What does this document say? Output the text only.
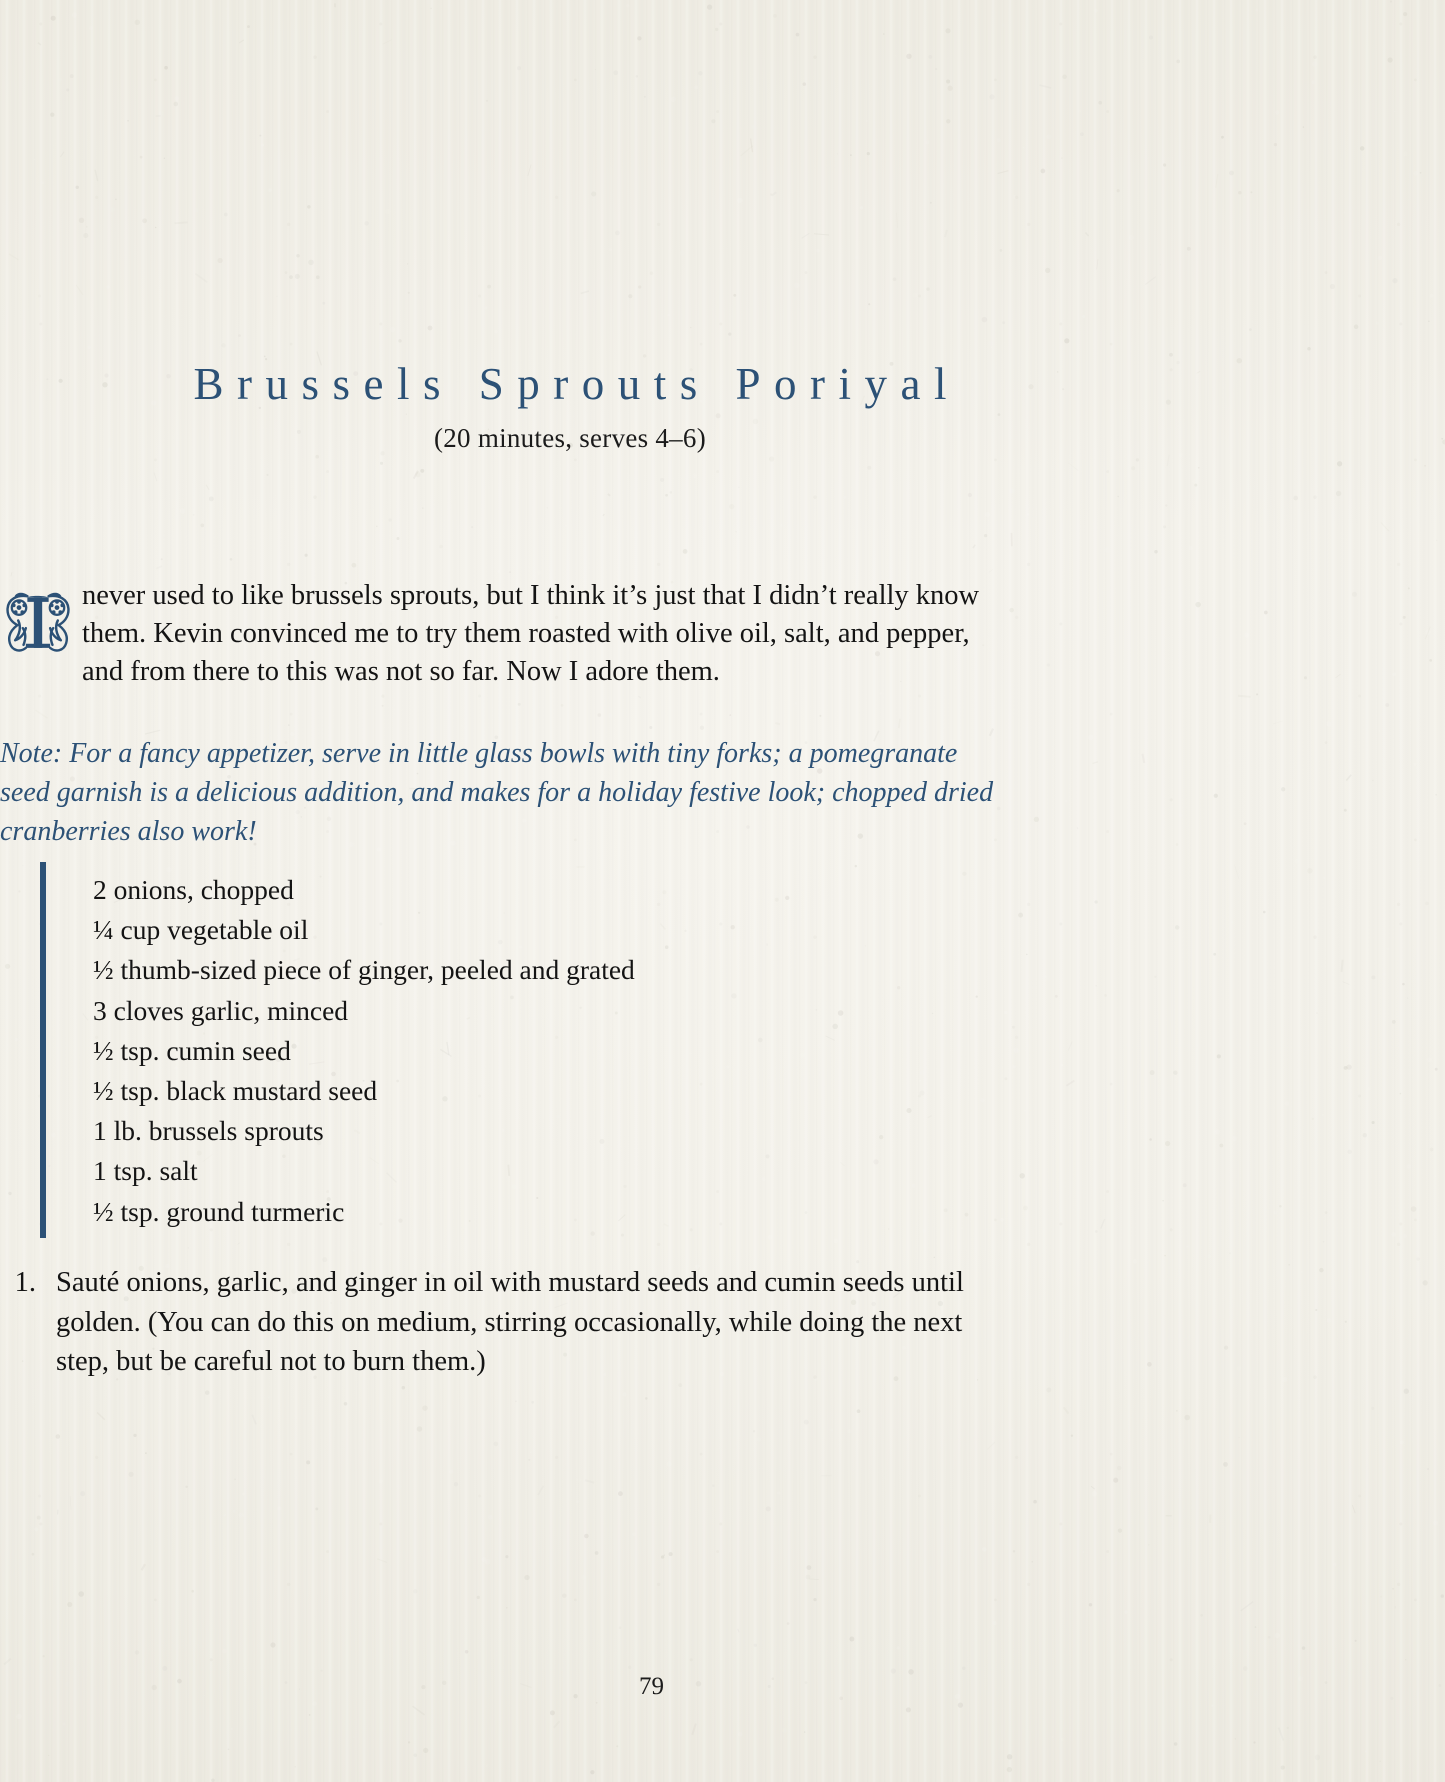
Brussels Sprouts Poriyal
(20 minutes, serves 4–6)

never used to like brussels sprouts, but I think it’s just that I didn’t really know them. Kevin convinced me to try them roasted with olive oil, salt, and pepper, and from there to this was not so far. Now I adore them.

Note: For a fancy appetizer, serve in little glass bowls with tiny forks; a pomegranate seed garnish is a delicious addition, and makes for a holiday festive look; chopped dried cranberries also work!

2 onions, chopped
¼ cup vegetable oil
½ thumb-sized piece of ginger, peeled and grated
3 cloves garlic, minced
½ tsp. cumin seed
½ tsp. black mustard seed
1 lb. brussels sprouts
1 tsp. salt
½ tsp. ground turmeric
1. Sauté onions, garlic, and ginger in oil with mustard seeds and cumin seeds until golden. (You can do this on medium, stirring occasionally, while doing the next step, but be careful not to burn them.)
79
